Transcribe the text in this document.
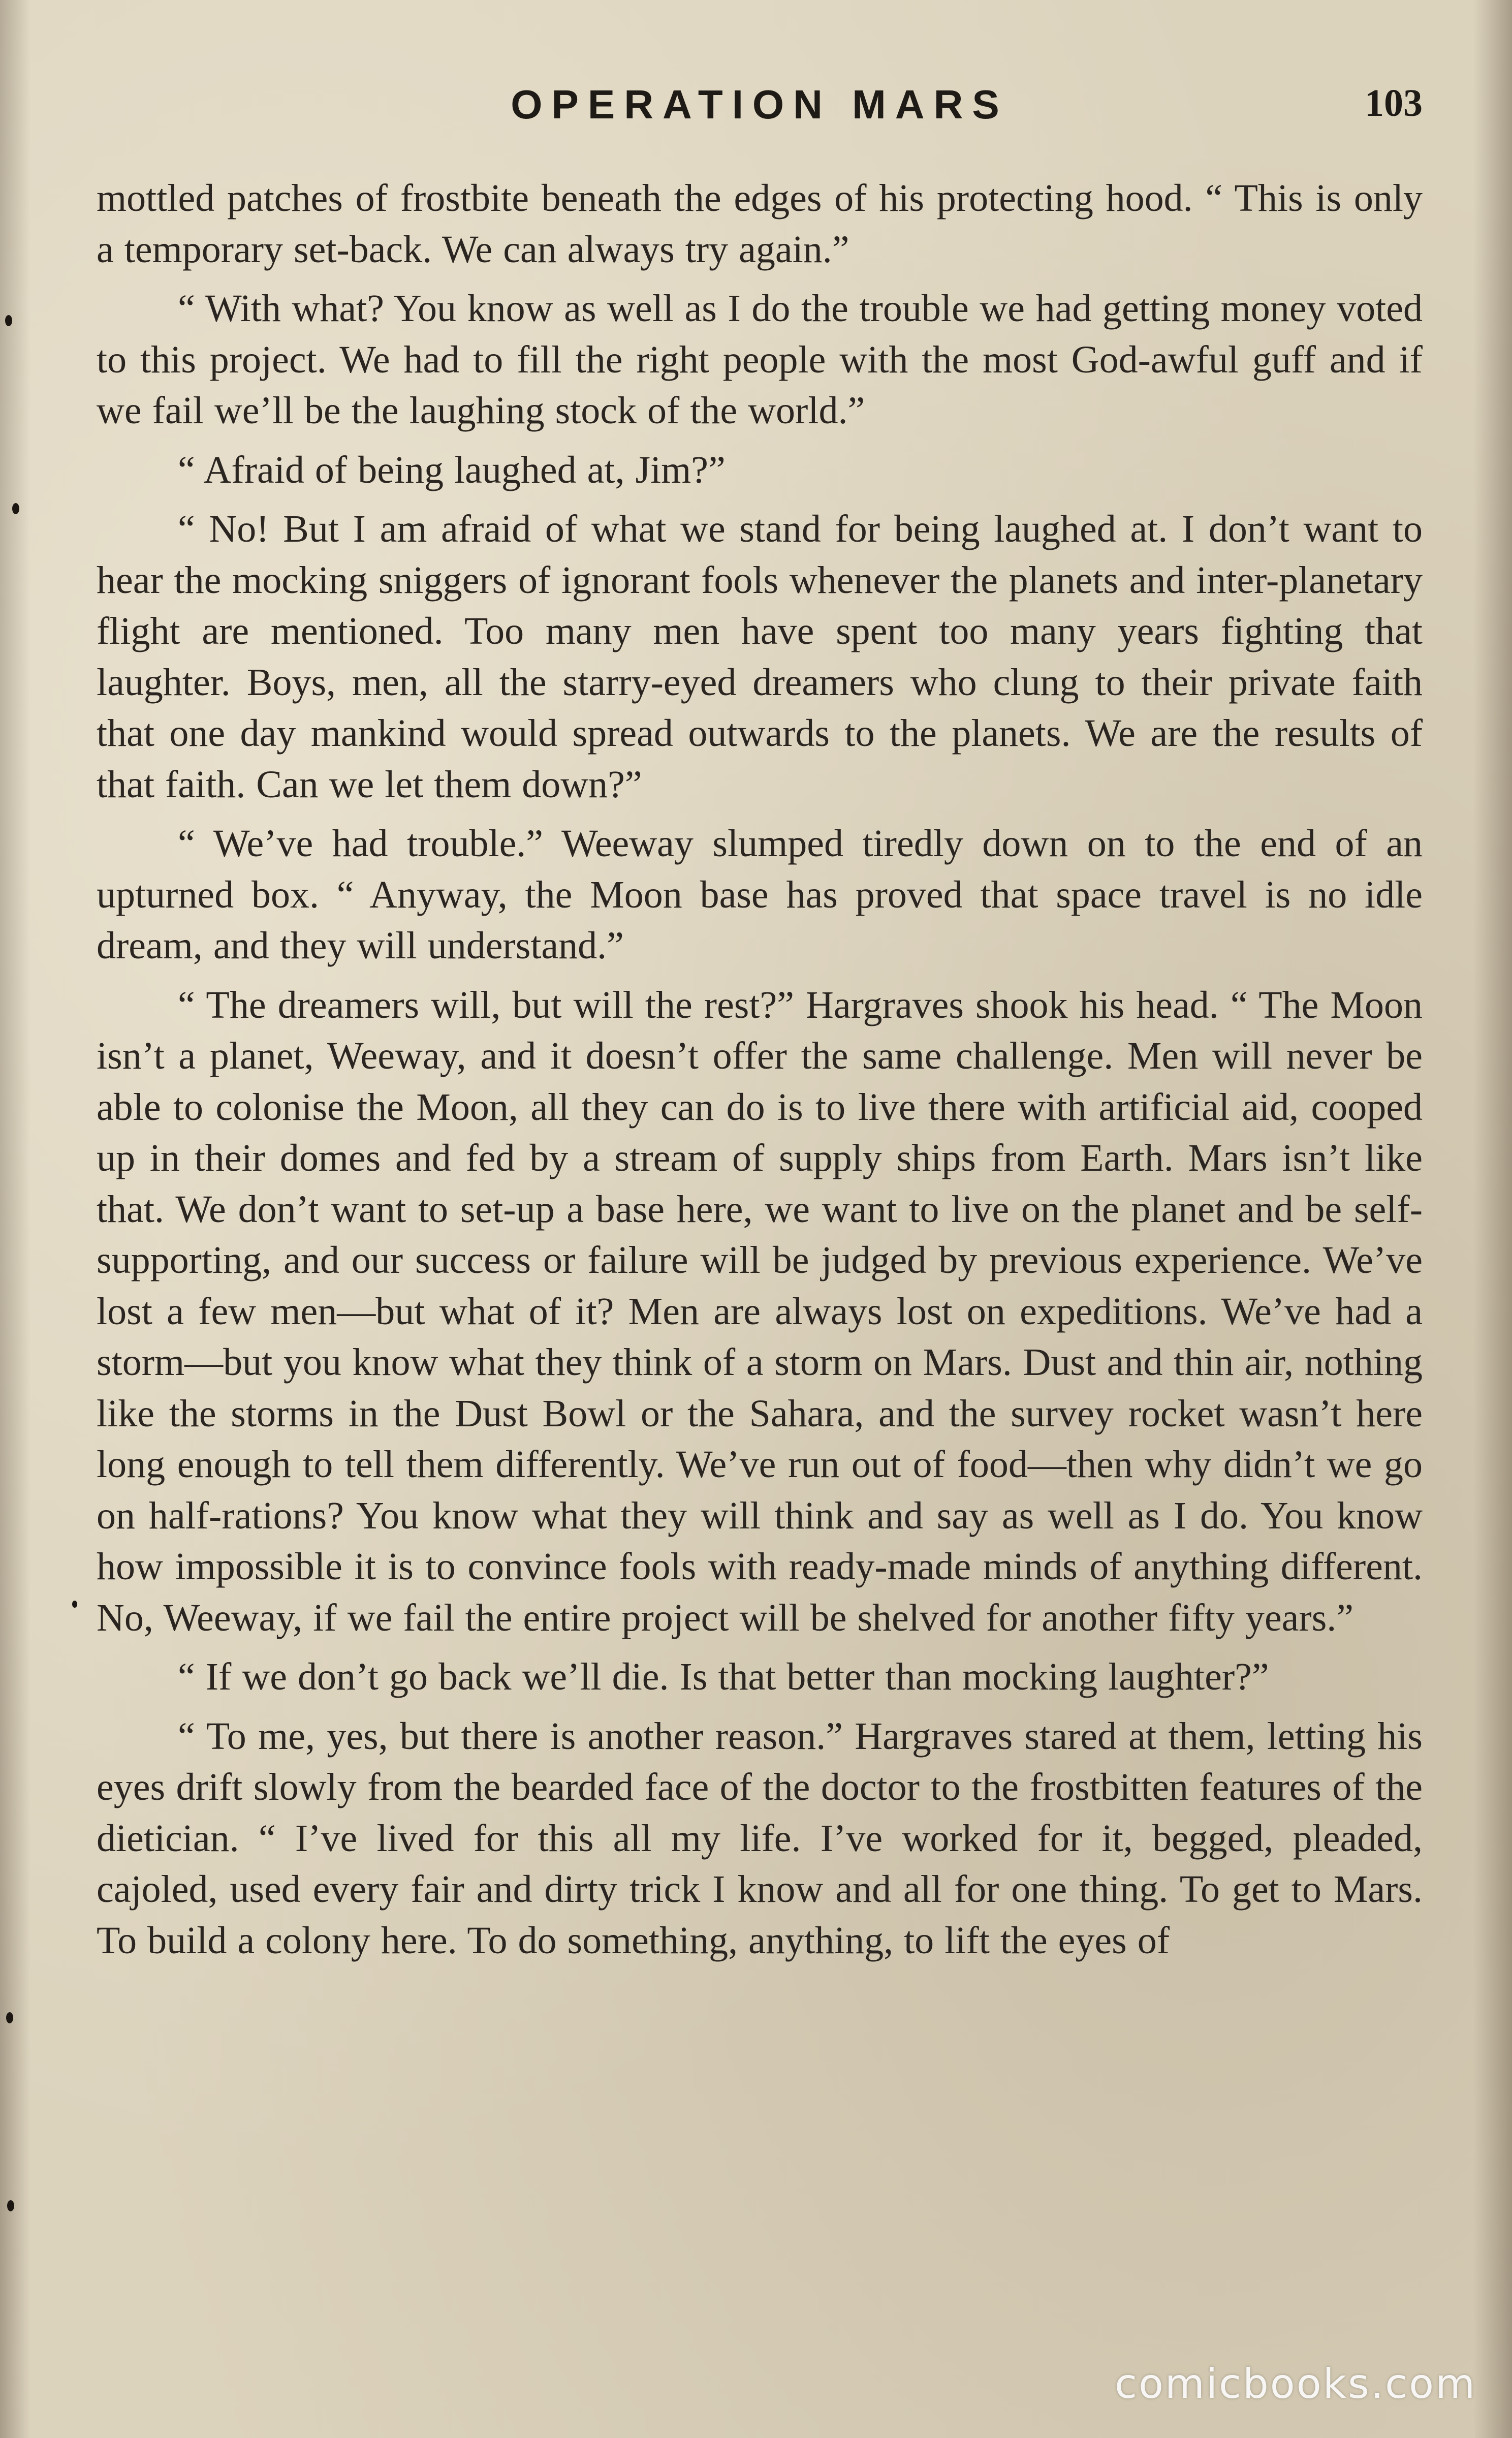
OPERATION MARS	103

mottled patches of frostbite beneath the edges of his protecting hood. “ This is only a temporary set-back. We can always try again.”

“ With what? You know as well as I do the trouble we had getting money voted to this project. We had to fill the right people with the most God-awful guff and if we fail we’ll be the laughing stock of the world.”

“ Afraid of being laughed at, Jim?”

“ No! But I am afraid of what we stand for being laughed at. I don’t want to hear the mocking sniggers of ignorant fools whenever the planets and inter-planetary flight are mentioned. Too many men have spent too many years fighting that laughter. Boys, men, all the starry-eyed dreamers who clung to their private faith that one day mankind would spread outwards to the planets. We are the results of that faith. Can we let them down?”

“ We’ve had trouble.” Weeway slumped tiredly down on to the end of an upturned box. “ Anyway, the Moon base has proved that space travel is no idle dream, and they will understand.”

“ The dreamers will, but will the rest?” Hargraves shook his head. “ The Moon isn’t a planet, Weeway, and it doesn’t offer the same challenge. Men will never be able to colonise the Moon, all they can do is to live there with artificial aid, cooped up in their domes and fed by a stream of supply ships from Earth. Mars isn’t like that. We don’t want to set-up a base here, we want to live on the planet and be self-supporting, and our success or failure will be judged by previous experience. We’ve lost a few men—but what of it? Men are always lost on expeditions. We’ve had a storm—but you know what they think of a storm on Mars. Dust and thin air, nothing like the storms in the Dust Bowl or the Sahara, and the survey rocket wasn’t here long enough to tell them differently. We’ve run out of food—then why didn’t we go on half-rations? You know what they will think and say as well as I do. You know how impossible it is to convince fools with ready-made minds of anything different. No, Weeway, if we fail the entire project will be shelved for another fifty years.”

“ If we don’t go back we’ll die. Is that better than mocking laughter?”

“ To me, yes, but there is another reason.” Hargraves stared at them, letting his eyes drift slowly from the bearded face of the doctor to the frostbitten features of the dietician. “ I’ve lived for this all my life. I’ve worked for it, begged, pleaded, cajoled, used every fair and dirty trick I know and all for one thing. To get to Mars. To build a colony here. To do something, anything, to lift the eyes of

comicbooks.com
